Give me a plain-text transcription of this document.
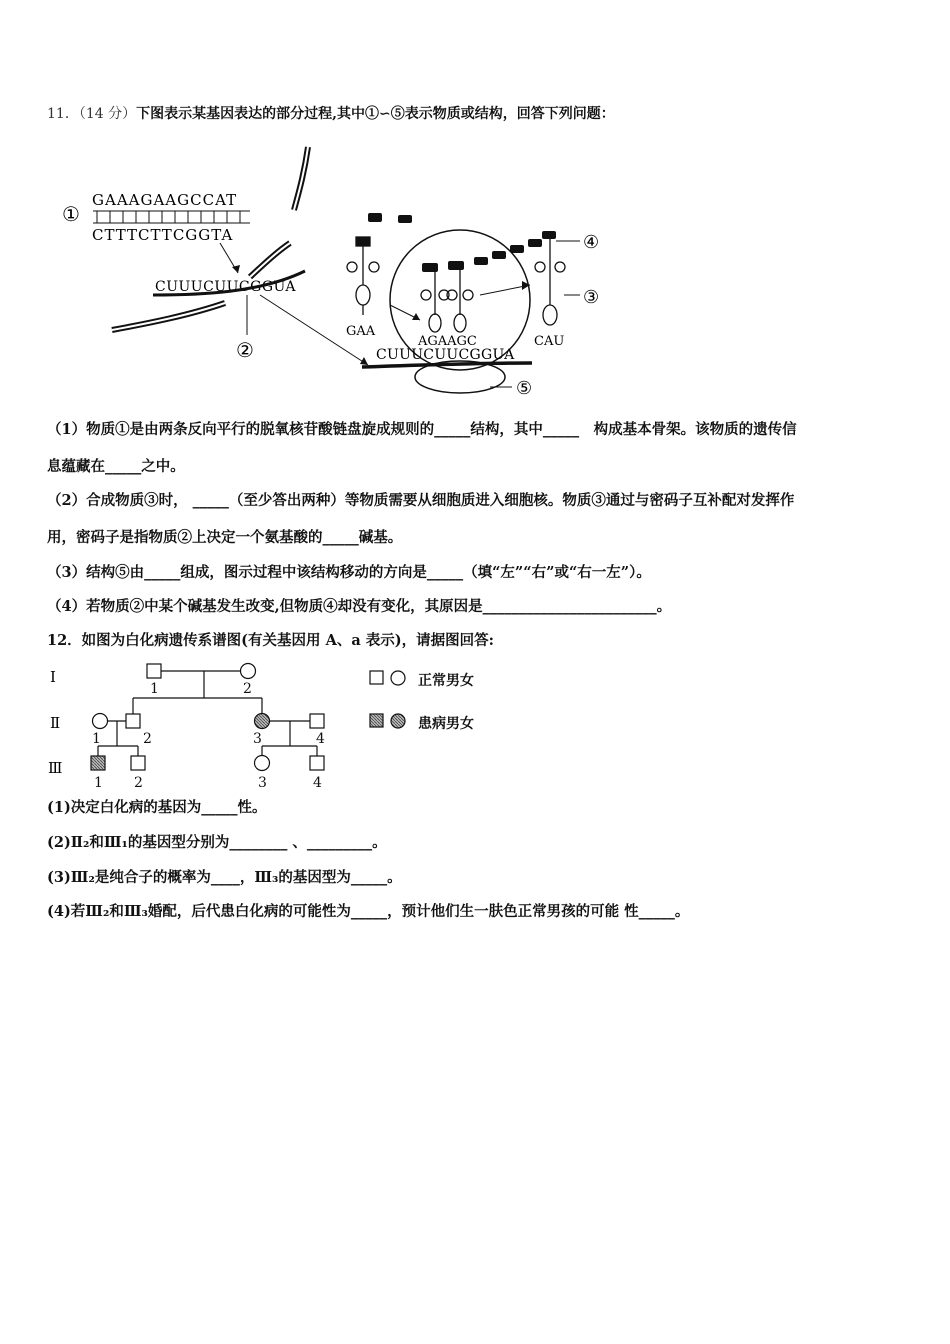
11．（14 分）下图表示某基因表达的部分过程,其中①∽⑤表示物质或结构，回答下列问题：
①
GAAAGAAGCCAT
CTTTCTTCGGTA
CUUUCUUCGGUA
②	CUUUCUUCGGUA
④
GAA
AGAAGC
③
CAU
⑤
（1）物质①是由两条反向平行的脱氧核苷酸链盘旋成规则的_____结构，其中_____　构成基本骨架。该物质的遗传信
息蕴藏在_____之中。
（2）合成物质③时， _____（至少答出两种）等物质需要从细胞质进入细胞核。物质③通过与密码子互补配对发挥作
用，密码子是指物质②上决定一个氨基酸的_____碱基。
（3）结构⑤由_____组成，图示过程中该结构移动的方向是_____（填“左”“右”或“右一左”）。
（4）若物质②中某个碱基发生改变,但物质④却没有变化，其原因是________________________。
12．如图为白化病遗传系谱图(有关基因用 A、a 表示)，请据图回答:
Ⅰ
Ⅱ
Ⅲ
1	2
1	2	3	4
1 2	3	4
正常男女
患病男女
(1)决定白化病的基因为_____性。
(2)Ⅱ₂和Ⅲ₁的基因型分别为________ 、_________。
(3)Ⅲ₂是纯合子的概率为____，Ⅲ₃的基因型为_____。
(4)若Ⅲ₂和Ⅲ₃婚配，后代患白化病的可能性为_____，预计他们生一肤色正常男孩的可能 性_____。
